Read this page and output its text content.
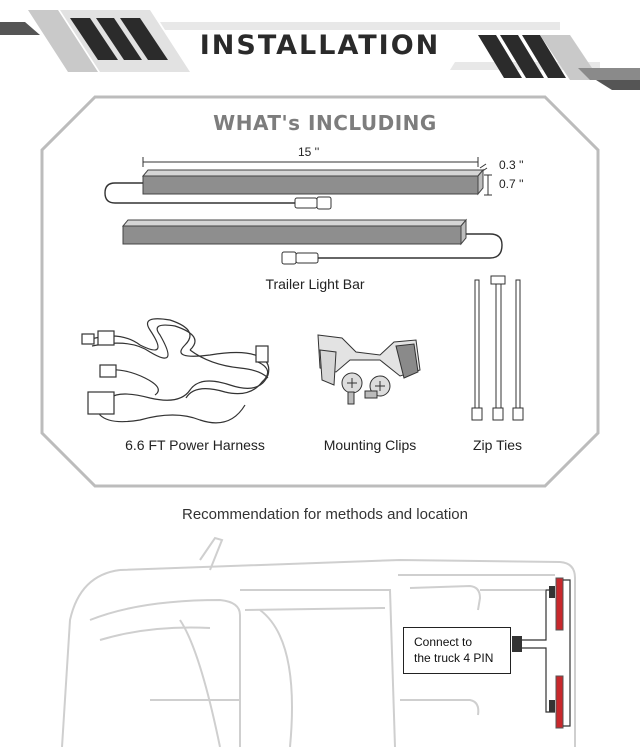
INSTALLATION
WHAT's INCLUDING
15 ''
0.3 ''
0.7 ''
Trailer Light Bar
6.6 FT Power Harness	Mounting Clips	Zip Ties
Recommendation for methods and location
Connect to
the truck 4 PIN
